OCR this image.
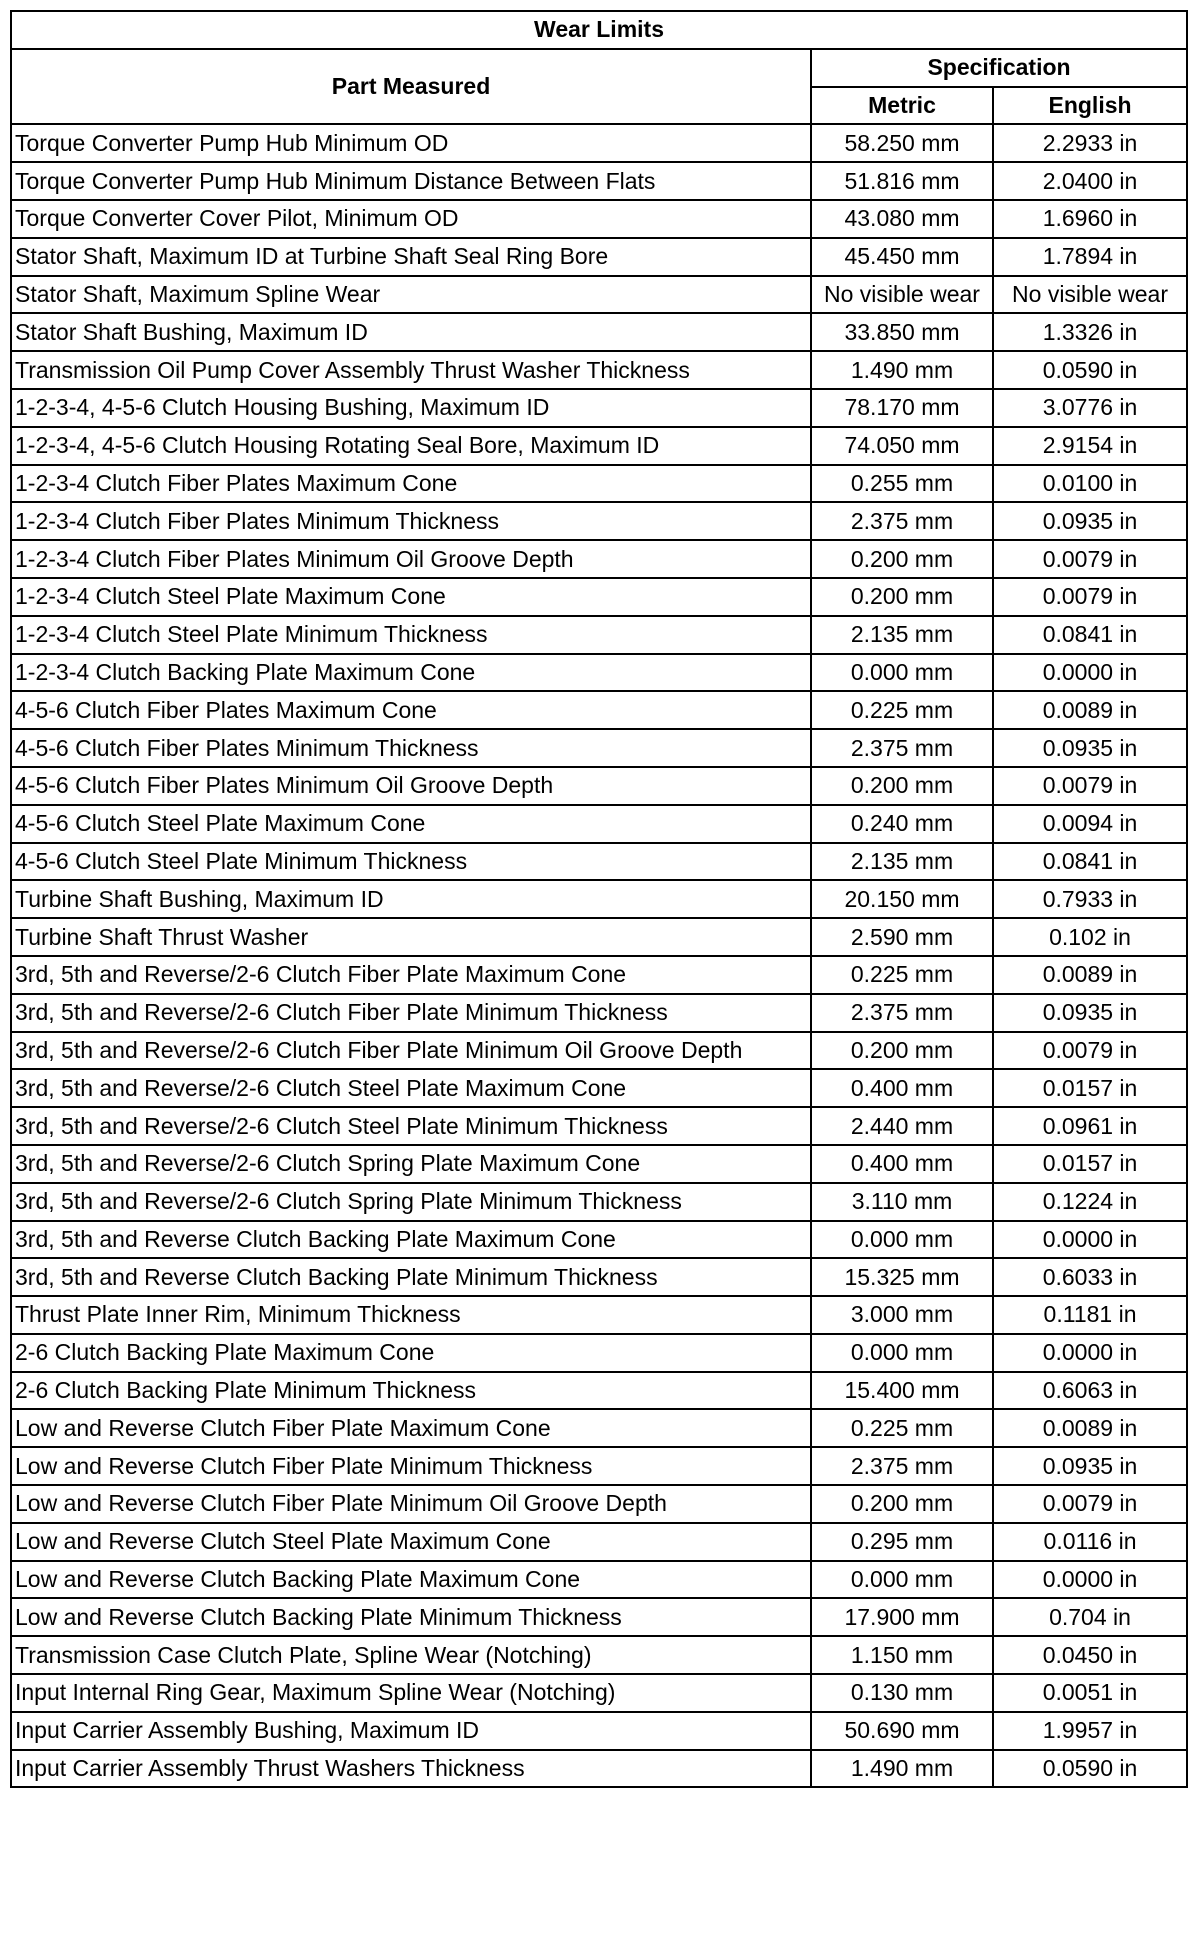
Wear Limits		
Part Measured	Specification	
	Metric	English
Torque Converter Pump Hub Minimum OD	58.250 mm	2.2933 in
Torque Converter Pump Hub Minimum Distance Between Flats	51.816 mm	2.0400 in
Torque Converter Cover Pilot, Minimum OD	43.080 mm	1.6960 in
Stator Shaft, Maximum ID at Turbine Shaft Seal Ring Bore	45.450 mm	1.7894 in
Stator Shaft, Maximum Spline Wear	No visible wear	No visible wear
Stator Shaft Bushing, Maximum ID	33.850 mm	1.3326 in
Transmission Oil Pump Cover Assembly Thrust Washer Thickness	1.490 mm	0.0590 in
1-2-3-4, 4-5-6 Clutch Housing Bushing, Maximum ID	78.170 mm	3.0776 in
1-2-3-4, 4-5-6 Clutch Housing Rotating Seal Bore, Maximum ID	74.050 mm	2.9154 in
1-2-3-4 Clutch Fiber Plates Maximum Cone	0.255 mm	0.0100 in
1-2-3-4 Clutch Fiber Plates Minimum Thickness	2.375 mm	0.0935 in
1-2-3-4 Clutch Fiber Plates Minimum Oil Groove Depth	0.200 mm	0.0079 in
1-2-3-4 Clutch Steel Plate Maximum Cone	0.200 mm	0.0079 in
1-2-3-4 Clutch Steel Plate Minimum Thickness	2.135 mm	0.0841 in
1-2-3-4 Clutch Backing Plate Maximum Cone	0.000 mm	0.0000 in
4-5-6 Clutch Fiber Plates Maximum Cone	0.225 mm	0.0089 in
4-5-6 Clutch Fiber Plates Minimum Thickness	2.375 mm	0.0935 in
4-5-6 Clutch Fiber Plates Minimum Oil Groove Depth	0.200 mm	0.0079 in
4-5-6 Clutch Steel Plate Maximum Cone	0.240 mm	0.0094 in
4-5-6 Clutch Steel Plate Minimum Thickness	2.135 mm	0.0841 in
Turbine Shaft Bushing, Maximum ID	20.150 mm	0.7933 in
Turbine Shaft Thrust Washer	2.590 mm	0.102 in
3rd, 5th and Reverse/2-6 Clutch Fiber Plate Maximum Cone	0.225 mm	0.0089 in
3rd, 5th and Reverse/2-6 Clutch Fiber Plate Minimum Thickness	2.375 mm	0.0935 in
3rd, 5th and Reverse/2-6 Clutch Fiber Plate Minimum Oil Groove Depth	0.200 mm	0.0079 in
3rd, 5th and Reverse/2-6 Clutch Steel Plate Maximum Cone	0.400 mm	0.0157 in
3rd, 5th and Reverse/2-6 Clutch Steel Plate Minimum Thickness	2.440 mm	0.0961 in
3rd, 5th and Reverse/2-6 Clutch Spring Plate Maximum Cone	0.400 mm	0.0157 in
3rd, 5th and Reverse/2-6 Clutch Spring Plate Minimum Thickness	3.110 mm	0.1224 in
3rd, 5th and Reverse Clutch Backing Plate Maximum Cone	0.000 mm	0.0000 in
3rd, 5th and Reverse Clutch Backing Plate Minimum Thickness	15.325 mm	0.6033 in
Thrust Plate Inner Rim, Minimum Thickness	3.000 mm	0.1181 in
2-6 Clutch Backing Plate Maximum Cone	0.000 mm	0.0000 in
2-6 Clutch Backing Plate Minimum Thickness	15.400 mm	0.6063 in
Low and Reverse Clutch Fiber Plate Maximum Cone	0.225 mm	0.0089 in
Low and Reverse Clutch Fiber Plate Minimum Thickness	2.375 mm	0.0935 in
Low and Reverse Clutch Fiber Plate Minimum Oil Groove Depth	0.200 mm	0.0079 in
Low and Reverse Clutch Steel Plate Maximum Cone	0.295 mm	0.0116 in
Low and Reverse Clutch Backing Plate Maximum Cone	0.000 mm	0.0000 in
Low and Reverse Clutch Backing Plate Minimum Thickness	17.900 mm	0.704 in
Transmission Case Clutch Plate, Spline Wear (Notching)	1.150 mm	0.0450 in
Input Internal Ring Gear, Maximum Spline Wear (Notching)	0.130 mm	0.0051 in
Input Carrier Assembly Bushing, Maximum ID	50.690 mm	1.9957 in
Input Carrier Assembly Thrust Washers Thickness	1.490 mm	0.0590 in
